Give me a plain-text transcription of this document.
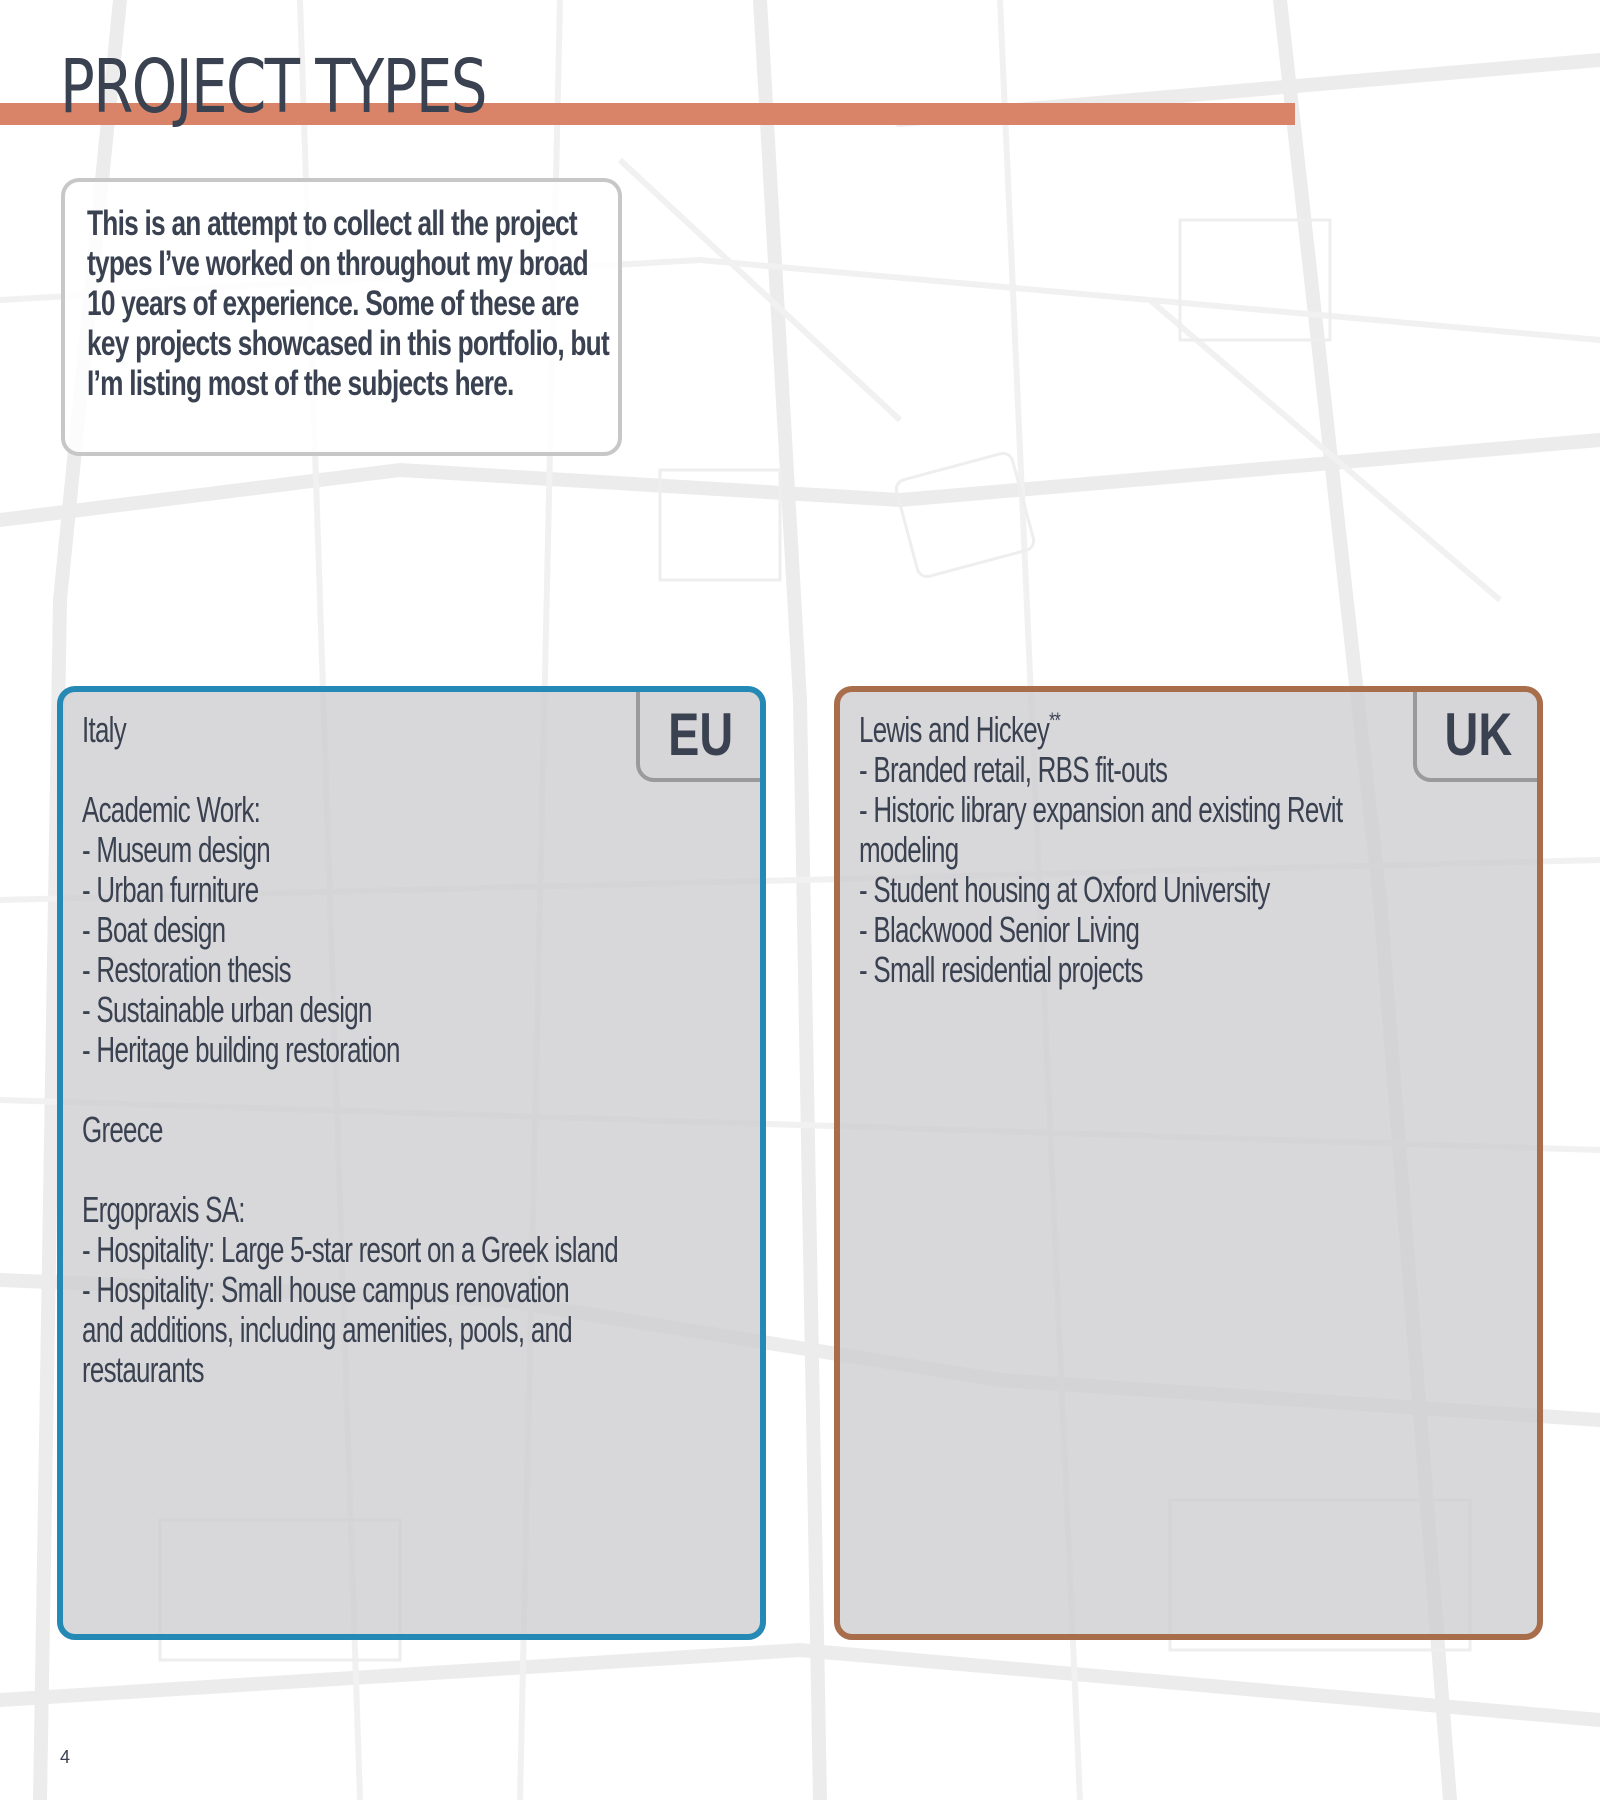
PROJECT TYPES

This is an attempt to collect all the project types I’ve worked on throughout my broad 10 years of experience. Some of these are key projects showcased in this portfolio, but I’m listing most of the subjects here.

Italy
Academic Work:
- Museum design
- Urban furniture
- Boat design
- Restoration thesis
- Sustainable urban design
- Heritage building restoration
Greece
Ergopraxis SA:
- Hospitality: Large 5-star resort on a Greek island
- Hospitality: Small house campus renovation
and additions, including amenities, pools, and
restaurants
EU	Lewis and Hickey**
- Branded retail, RBS fit-outs
- Historic library expansion and existing Revit
modeling
- Student housing at Oxford University
- Blackwood Senior Living
- Small residential projects
UK
4
